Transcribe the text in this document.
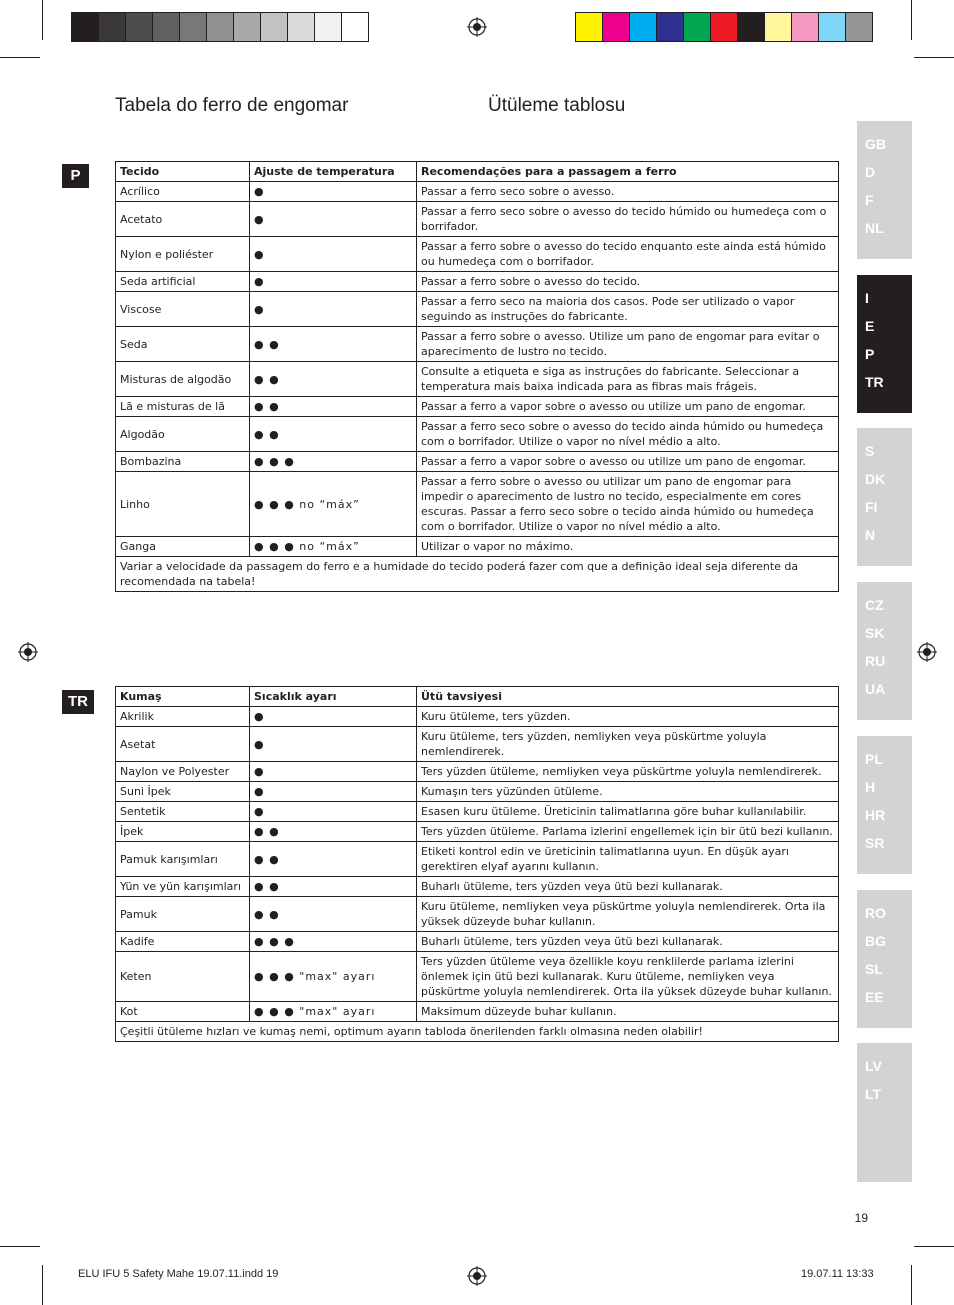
Tabela do ferro de engomar	Ütüleme tablosu
GB
D
F
NL
I
E
P
TR
S
DK
FI
N
CZ
SK
RU
UA
PL
H
HR
SR
RO
BG
SL
EE
LV
LT
P
TR
Tecido	Ajuste de temperatura	Recomendações para a passagem a ferro
Acrílico	●	Passar a ferro seco sobre o avesso.
Acetato	●	Passar a ferro seco sobre o avesso do tecido húmido ou humedeça com o borrifador.
Nylon e poliéster	●	Passar a ferro sobre o avesso do tecido enquanto este ainda está húmido ou humedeça com o borrifador.
Seda artificial	●	Passar a ferro sobre o avesso do tecido.
Viscose	●	Passar a ferro seco na maioria dos casos. Pode ser utilizado o vapor seguindo as instruções do fabricante.
Seda	● ●	Passar a ferro sobre o avesso. Utilize um pano de engomar para evitar o aparecimento de lustro no tecido.
Misturas de algodão	● ●	Consulte a etiqueta e siga as instruções do fabricante. Seleccionar a temperatura mais baixa indicada para as fibras mais frágeis.
Lã e misturas de lã	● ●	Passar a ferro a vapor sobre o avesso ou utilize um pano de engomar.
Algodão	● ●	Passar a ferro seco sobre o avesso do tecido ainda húmido ou humedeça com o borrifador. Utilize o vapor no nível médio a alto.
Bombazina	● ● ●	Passar a ferro a vapor sobre o avesso ou utilize um pano de engomar.
Linho	● ● ● no “máx”	Passar a ferro sobre o avesso ou utilizar um pano de engomar para impedir o aparecimento de lustro no tecido, especialmente em cores escuras. Passar a ferro seco sobre o tecido ainda húmido ou humedeça com o borrifador. Utilize o vapor no nível médio a alto.
Ganga	● ● ● no “máx”	Utilizar o vapor no máximo.
Variar a velocidade da passagem do ferro e a humidade do tecido poderá fazer com que a definição ideal seja diferente da recomendada na tabela!		
Kumaş	Sıcaklık ayarı	Ütü tavsiyesi
Akrilik	●	Kuru ütüleme, ters yüzden.
Asetat	●	Kuru ütüleme, ters yüzden, nemliyken veya püskürtme yoluyla nemlendirerek.
Naylon ve Polyester	●	Ters yüzden ütüleme, nemliyken veya püskürtme yoluyla nemlendirerek.
Suni İpek	●	Kumaşın ters yüzünden ütüleme.
Sentetik	●	Esasen kuru ütüleme. Üreticinin talimatlarına göre buhar kullanılabilir.
İpek	● ●	Ters yüzden ütüleme. Parlama izlerini engellemek için bir ütü bezi kullanın.
Pamuk karışımları	● ●	Etiketi kontrol edin ve üreticinin talimatlarına uyun. En düşük ayarı gerektiren elyaf ayarını kullanın.
Yün ve yün karışımları	● ●	Buharlı ütüleme, ters yüzden veya ütü bezi kullanarak.
Pamuk	● ●	Kuru ütüleme, nemliyken veya püskürtme yoluyla nemlendirerek. Orta ila yüksek düzeyde buhar kullanın.
Kadife	● ● ●	Buharlı ütüleme, ters yüzden veya ütü bezi kullanarak.
Keten	● ● ● "max" ayarı	Ters yüzden ütüleme veya özellikle koyu renklilerde parlama izlerini önlemek için ütü bezi kullanarak. Kuru ütüleme, nemliyken veya püskürtme yoluyla nemlendirerek. Orta ila yüksek düzeyde buhar kullanın.
Kot	● ● ● "max" ayarı	Maksimum düzeyde buhar kullanın.
Çeşitli ütüleme hızları ve kumaş nemi, optimum ayarın tabloda önerilenden farklı olmasına neden olabilir!		
19
ELU IFU 5 Safety Mahe 19.07.11.indd 19	19.07.11 13:33
